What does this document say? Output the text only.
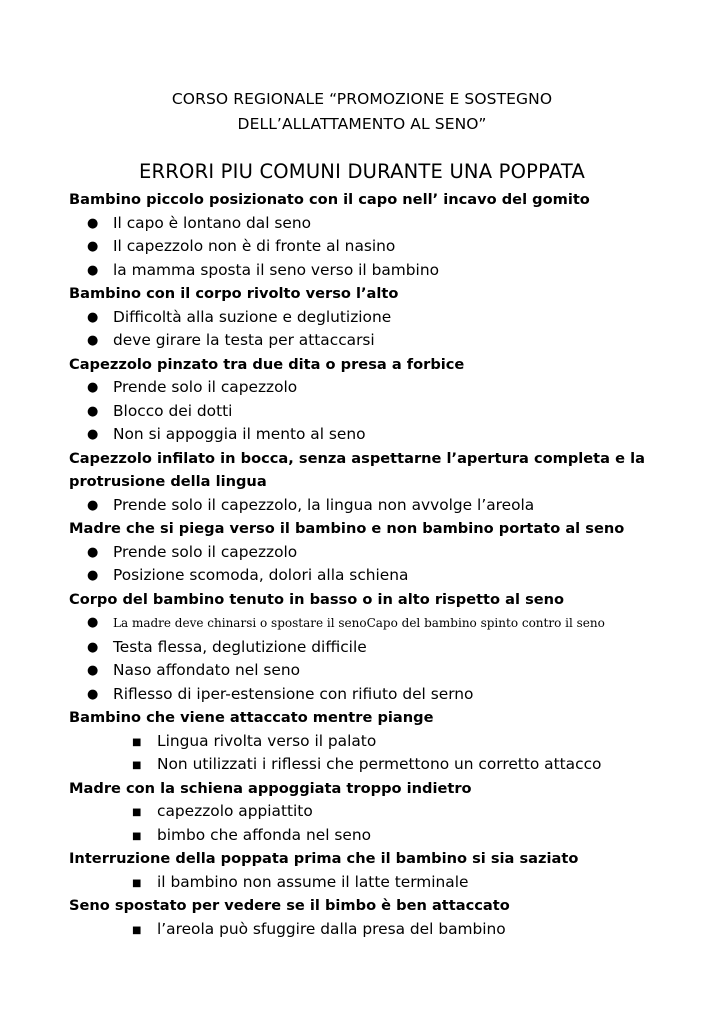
CORSO REGIONALE “PROMOZIONE E SOSTEGNO
DELL’ALLATTAMENTO AL SENO”
ERRORI PIU COMUNI DURANTE UNA POPPATA
Bambino piccolo posizionato con il capo nell’ incavo del gomito
● Il capo è lontano dal seno
● Il capezzolo non è di fronte al nasino
● la mamma sposta il seno verso il bambino
Bambino con il corpo rivolto verso l’alto
● Difficoltà alla suzione e deglutizione
● deve girare la testa per attaccarsi
Capezzolo pinzato tra due dita o presa a forbice
● Prende solo il capezzolo
● Blocco dei dotti
● Non si appoggia il mento al seno
Capezzolo infilato in bocca, senza aspettarne l’apertura completa e la protrusione della lingua
● Prende solo il capezzolo, la lingua non avvolge l’areola
Madre che si piega verso il bambino e non bambino portato al seno
● Prende solo il capezzolo
● Posizione scomoda, dolori alla schiena
Corpo del bambino tenuto in basso o in alto rispetto al seno
● La madre deve chinarsi o spostare il senoCapo del bambino spinto contro il seno
● Testa flessa, deglutizione difficile
● Naso affondato nel seno
● Riflesso di iper-estensione con rifiuto del serno
Bambino che viene attaccato mentre piange
■ Lingua rivolta verso il palato
■ Non utilizzati i riflessi che permettono un corretto attacco
Madre con la schiena appoggiata troppo indietro
■ capezzolo appiattito
■ bimbo che affonda nel seno
Interruzione della poppata prima che il bambino si sia saziato
■ il bambino non assume il latte terminale
Seno spostato per vedere se il bimbo è ben attaccato
■ l’areola può sfuggire dalla presa del bambino
